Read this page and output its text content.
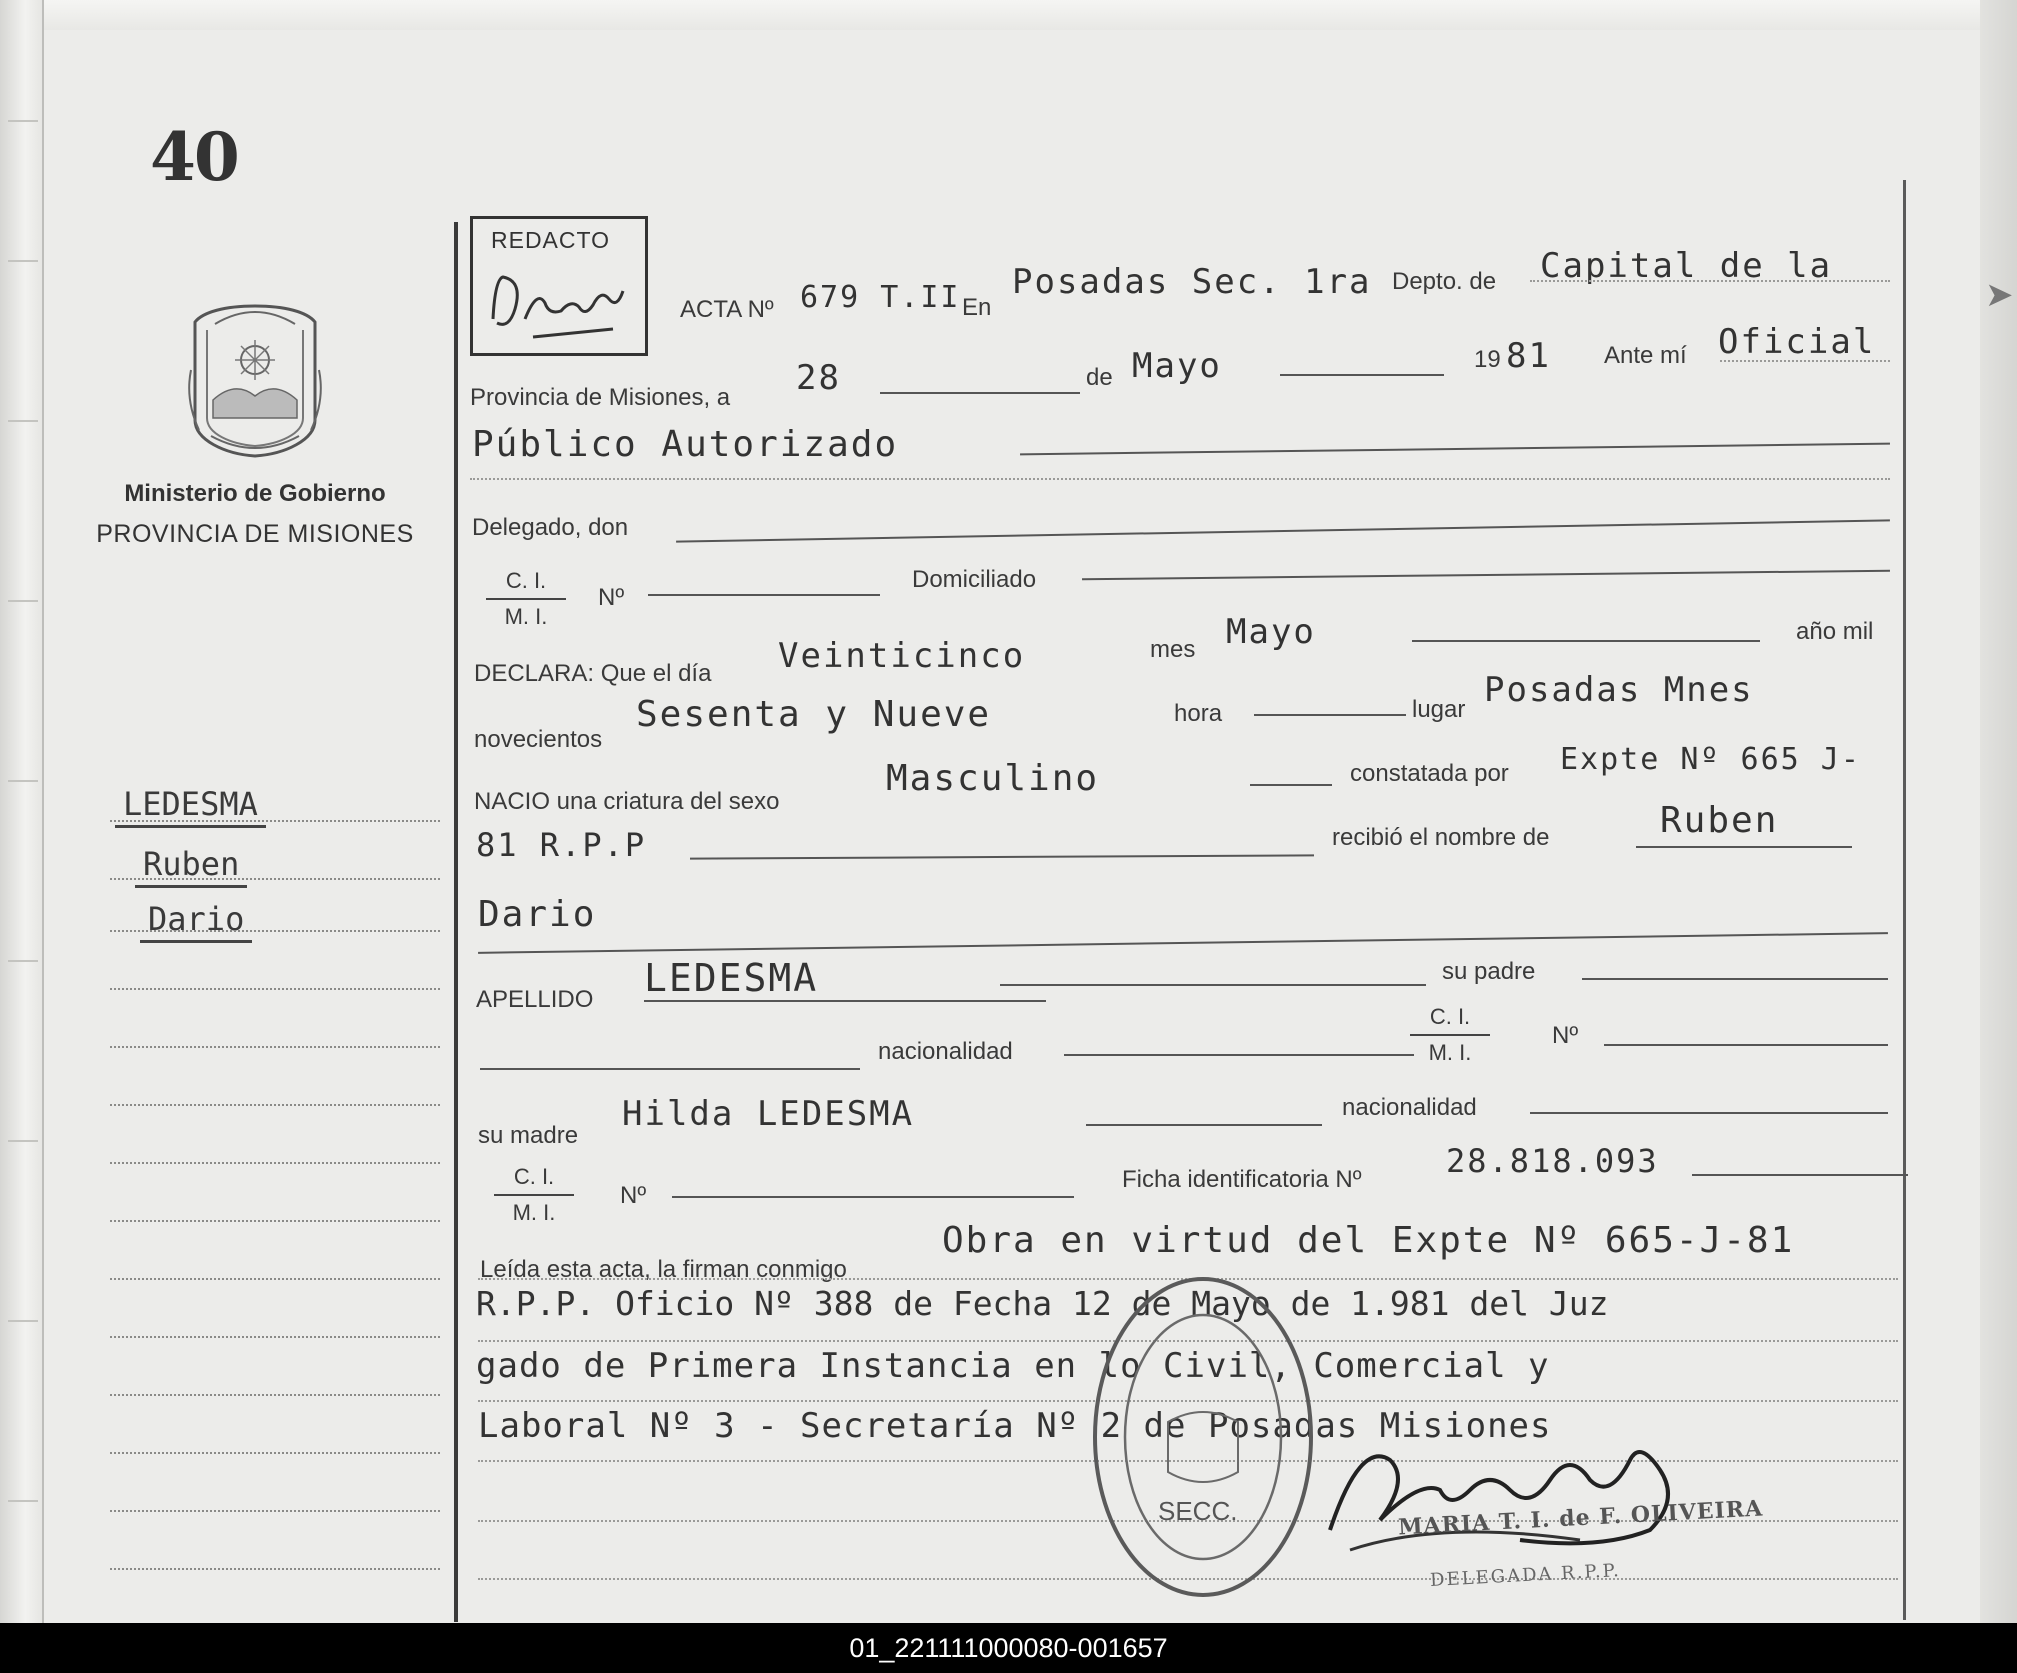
➤
40
Ministerio de Gobierno
PROVINCIA DE MISIONES
LEDESMA
Ruben
Dario
REDACTO
ACTA Nº 679 T.II En
Posadas Sec. 1ra Depto. de Capital de la
Provincia de Misiones, a 28	de Mayo	19 81 Ante mí Oficial
Público Autorizado
Delegado, don
$\frac{C. I.}{M. I.}$ Nº
Domiciliado
DECLARA: Que el día Veinticinco	mes Mayo	año mil
novecientos
Sesenta y Nueve	hora	lugar Posadas Mnes
NACIO una criatura del sexo
Masculino	constatada por Expte Nº 665 J-
81 R.P.P	recibió el nombre de	Ruben
Dario
APELLIDO LEDESMA	su padre
nacionalidad	$\frac{C. I.}{M. I.}$	Nº
su madre
Hilda LEDESMA	nacionalidad
$\frac{C. I.}{M. I.}$ Nº
Ficha identificatoria Nº	28.818.093
Leída esta acta, la firman conmigo
Obra en virtud del Expte Nº 665-J-81
R.P.P. Oficio Nº 388 de Fecha 12 de Mayo de 1.981 del Juz
gado de Primera Instancia en lo Civil, Comercial y
Laboral Nº 3 - Secretaría Nº 2 de Posadas Misiones
SECC.	MARIA T. I. de F. OLIVEIRA
DELEGADA R.P.P.
01_221111000080-001657
